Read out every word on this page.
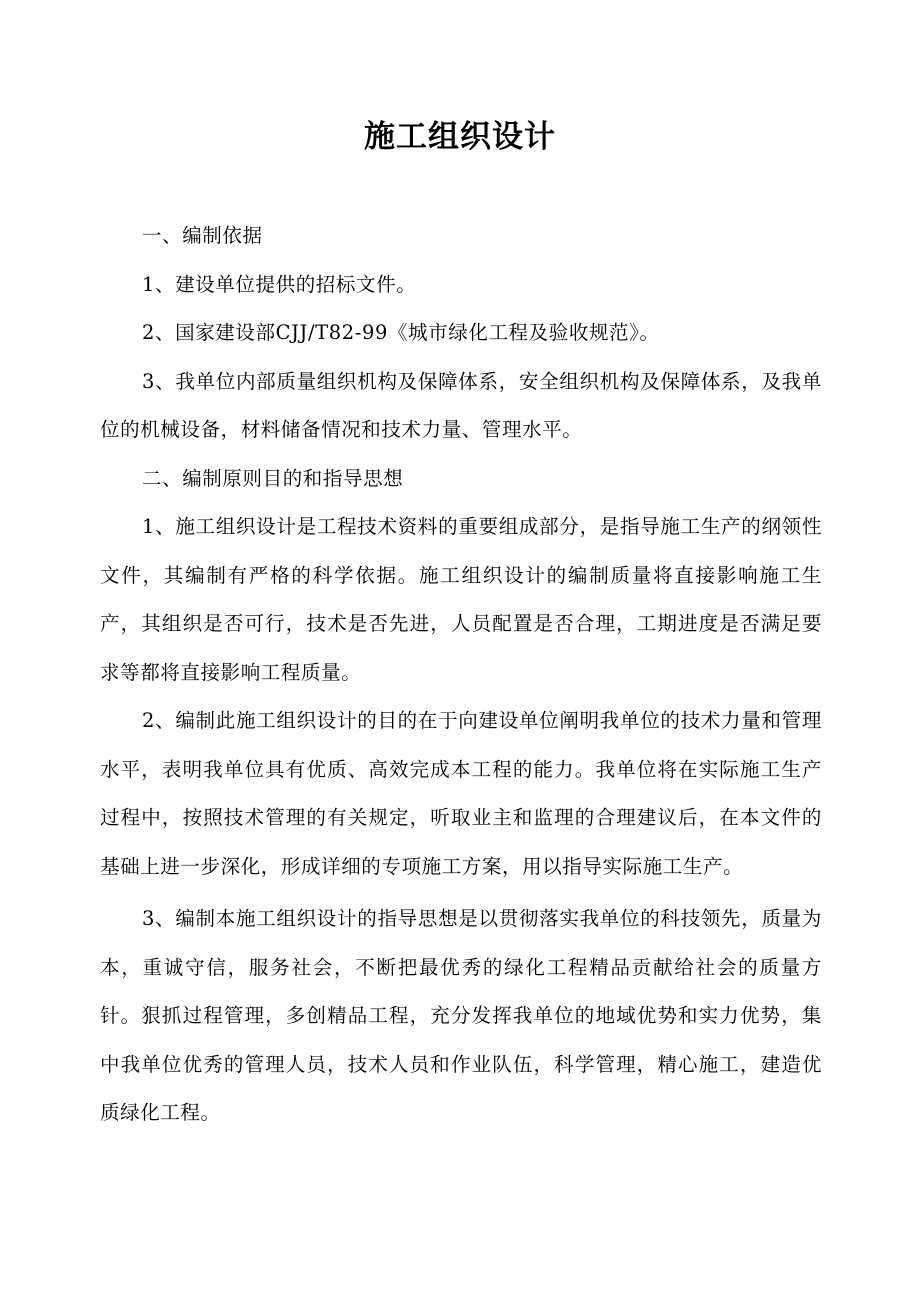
施工组织设计

一、编制依据

1、建设单位提供的招标文件。

2、国家建设部CJJ/T82-99《城市绿化工程及验收规范》。

3、我单位内部质量组织机构及保障体系，安全组织机构及保障体系，及我单位的机械设备，材料储备情况和技术力量、管理水平。

二、编制原则目的和指导思想

1、施工组织设计是工程技术资料的重要组成部分，是指导施工生产的纲领性文件，其编制有严格的科学依据。施工组织设计的编制质量将直接影响施工生产，其组织是否可行，技术是否先进，人员配置是否合理，工期进度是否满足要求等都将直接影响工程质量。

2、编制此施工组织设计的目的在于向建设单位阐明我单位的技术力量和管理水平，表明我单位具有优质、高效完成本工程的能力。我单位将在实际施工生产过程中，按照技术管理的有关规定，听取业主和监理的合理建议后，在本文件的基础上进一步深化，形成详细的专项施工方案，用以指导实际施工生产。

3、编制本施工组织设计的指导思想是以贯彻落实我单位的科技领先，质量为本，重诚守信，服务社会，不断把最优秀的绿化工程精品贡献给社会的质量方针。狠抓过程管理，多创精品工程，充分发挥我单位的地域优势和实力优势，集中我单位优秀的管理人员，技术人员和作业队伍，科学管理，精心施工，建造优质绿化工程。
